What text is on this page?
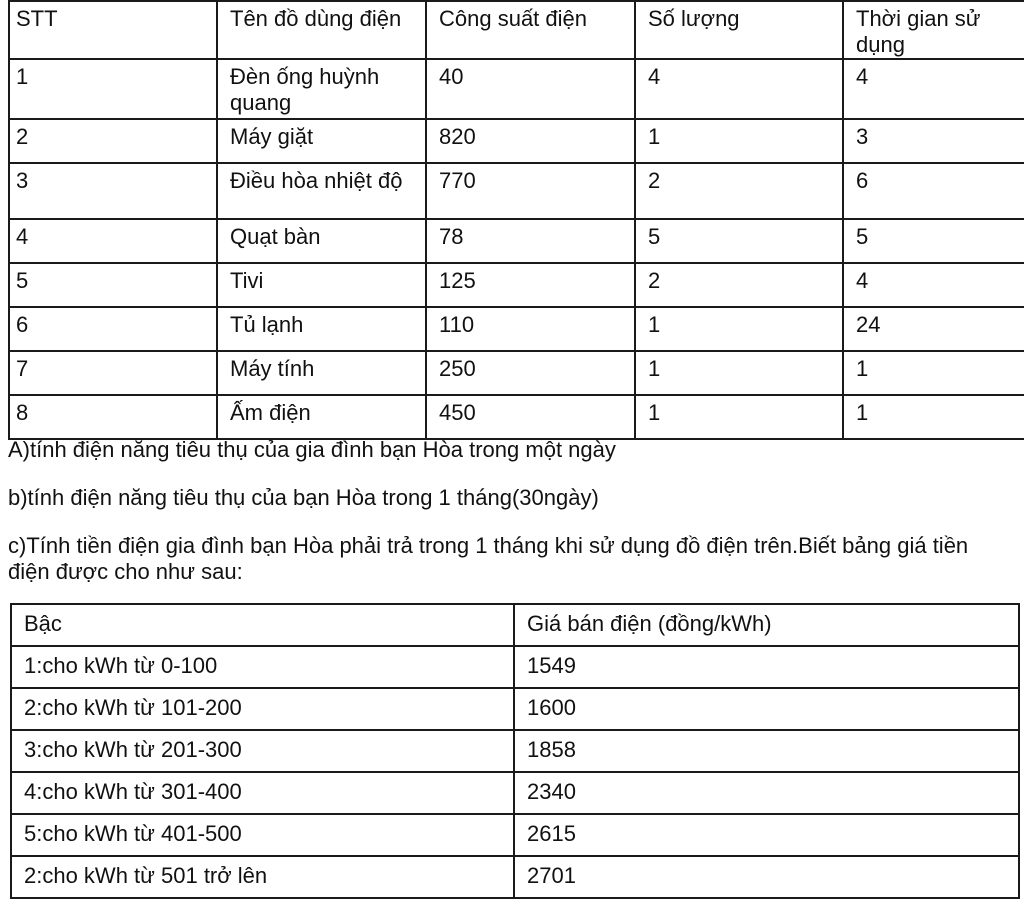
STT	Tên đồ dùng điện	Công suất điện	Số lượng	Thời gian sử dụng
1	Đèn ống huỳnh quang	40	4	4
2	Máy giặt	820	1	3
3	Điều hòa nhiệt độ	770	2	6
4	Quạt bàn	78	5	5
5	Tivi	125	2	4
6	Tủ lạnh	110	1	24
7	Máy tính	250	1	1
8	Ấm điện	450	1	1
A)tính điện năng tiêu thụ của gia đình bạn Hòa trong một ngày
b)tính điện năng tiêu thụ của bạn Hòa trong 1 tháng(30ngày)
c)Tính tiền điện gia đình bạn Hòa phải trả trong 1 tháng khi sử dụng đồ điện trên.Biết bảng giá tiền điện được cho như sau:
Bậc	Giá bán điện (đồng/kWh)
1:cho kWh từ 0-100	1549
2:cho kWh từ 101-200	1600
3:cho kWh từ 201-300	1858
4:cho kWh từ 301-400	2340
5:cho kWh từ 401-500	2615
2:cho kWh từ 501 trở lên	2701
